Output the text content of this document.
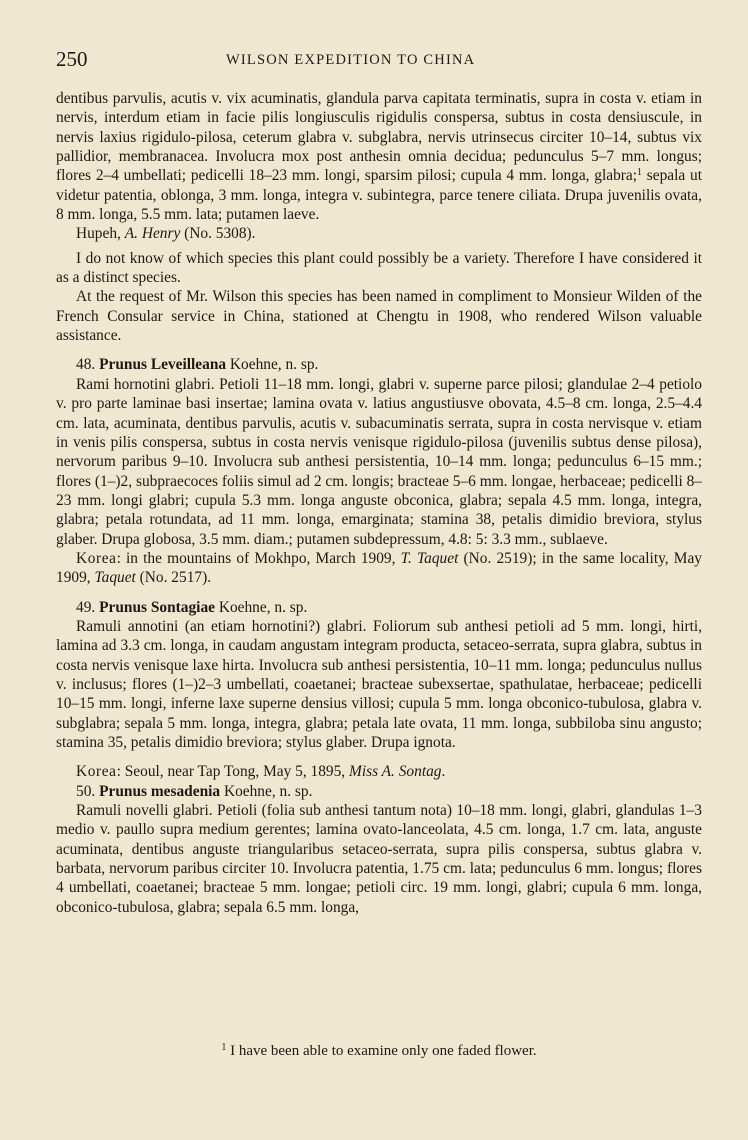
250	WILSON EXPEDITION TO CHINA

dentibus parvulis, acutis v. vix acuminatis, glandula parva capitata terminatis, supra in costa v. etiam in nervis, interdum etiam in facie pilis longiusculis rigidulis conspersa, subtus in costa densiuscule, in nervis laxius rigidulo-pilosa, ceterum glabra v. subglabra, nervis utrinsecus circiter 10–14, subtus vix pallidior, membranacea. Involucra mox post anthesin omnia decidua; pedunculus 5–7 mm. longus; flores 2–4 umbellati; pedicelli 18–23 mm. longi, sparsim pilosi; cupula 4 mm. longa, glabra;$^1$ sepala ut videtur patentia, oblonga, 3 mm. longa, integra v. subintegra, parce tenere ciliata. Drupa juvenilis ovata, 8 mm. longa, 5.5 mm. lata; putamen laeve.

Hupeh, A. Henry (No. 5308).

I do not know of which species this plant could possibly be a variety. Therefore I have considered it as a distinct species.

At the request of Mr. Wilson this species has been named in compliment to Monsieur Wilden of the French Consular service in China, stationed at Chengtu in 1908, who rendered Wilson valuable assistance.

48. Prunus Leveilleana Koehne, n. sp.

Rami hornotini glabri. Petioli 11–18 mm. longi, glabri v. superne parce pilosi; glandulae 2–4 petiolo v. pro parte laminae basi insertae; lamina ovata v. latius angustiusve obovata, 4.5–8 cm. longa, 2.5–4.4 cm. lata, acuminata, dentibus parvulis, acutis v. subacuminatis serrata, supra in costa nervisque v. etiam in venis pilis conspersa, subtus in costa nervis venisque rigidulo-pilosa (juvenilis subtus dense pilosa), nervorum paribus 9–10. Involucra sub anthesi persistentia, 10–14 mm. longa; pedunculus 6–15 mm.; flores (1–)2, subpraecoces foliis simul ad 2 cm. longis; bracteae 5–6 mm. longae, herbaceae; pedicelli 8–23 mm. longi glabri; cupula 5.3 mm. longa anguste obconica, glabra; sepala 4.5 mm. longa, integra, glabra; petala rotundata, ad 11 mm. longa, emarginata; stamina 38, petalis dimidio breviora, stylus glaber. Drupa globosa, 3.5 mm. diam.; putamen subdepressum, 4.8: 5: 3.3 mm., sublaeve.

Korea: in the mountains of Mokhpo, March 1909, T. Taquet (No. 2519); in the same locality, May 1909, Taquet (No. 2517).

49. Prunus Sontagiae Koehne, n. sp.

Ramuli annotini (an etiam hornotini?) glabri. Foliorum sub anthesi petioli ad 5 mm. longi, hirti, lamina ad 3.3 cm. longa, in caudam angustam integram producta, setaceo-serrata, supra glabra, subtus in costa nervis venisque laxe hirta. Involucra sub anthesi persistentia, 10–11 mm. longa; pedunculus nullus v. inclusus; flores (1–)2–3 umbellati, coaetanei; bracteae subexsertae, spathulatae, herbaceae; pedicelli 10–15 mm. longi, inferne laxe superne densius villosi; cupula 5 mm. longa obconico-tubulosa, glabra v. subglabra; sepala 5 mm. longa, integra, glabra; petala late ovata, 11 mm. longa, subbiloba sinu angusto; stamina 35, petalis dimidio breviora; stylus glaber. Drupa ignota.

Korea: Seoul, near Tap Tong, May 5, 1895, Miss A. Sontag.

50. Prunus mesadenia Koehne, n. sp.

Ramuli novelli glabri. Petioli (folia sub anthesi tantum nota) 10–18 mm. longi, glabri, glandulas 1–3 medio v. paullo supra medium gerentes; lamina ovato-lanceolata, 4.5 cm. longa, 1.7 cm. lata, anguste acuminata, dentibus anguste triangularibus setaceo-serrata, supra pilis conspersa, subtus glabra v. barbata, nervorum paribus circiter 10. Involucra patentia, 1.75 cm. lata; pedunculus 6 mm. longus; flores 4 umbellati, coaetanei; bracteae 5 mm. longae; petioli circ. 19 mm. longi, glabri; cupula 6 mm. longa, obconico-tubulosa, glabra; sepala 6.5 mm. longa,

$^1$ I have been able to examine only one faded flower.
